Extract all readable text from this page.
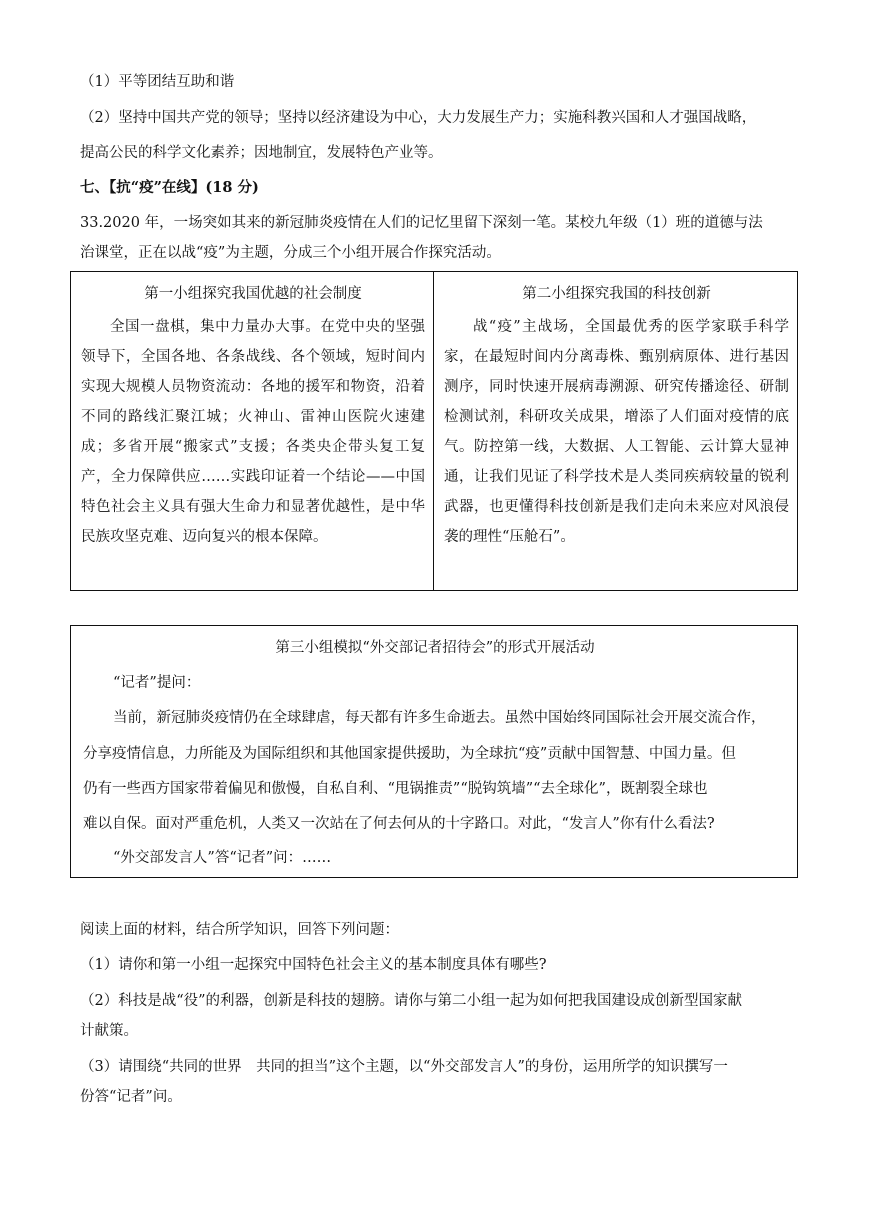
（1）平等团结互助和谐
（2）坚持中国共产党的领导；坚持以经济建设为中心，大力发展生产力；实施科教兴国和人才强国战略，
提高公民的科学文化素养；因地制宜，发展特色产业等。
七、【抗“疫”在线】(18 分)
33.2020 年，一场突如其来的新冠肺炎疫情在人们的记忆里留下深刻一笔。某校九年级（1）班的道德与法
治课堂，正在以战“疫”为主题，分成三个小组开展合作探究活动。
第一小组探究我国优越的社会制度
全国一盘棋，集中力量办大事。在党中央的坚强领导下，全国各地、各条战线、各个领域，短时间内实现大规模人员物资流动：各地的援军和物资，沿着不同的路线汇聚江城；火神山、雷神山医院火速建成；多省开展“搬家式”支援；各类央企带头复工复产，全力保障供应……实践印证着一个结论——中国特色社会主义具有强大生命力和显著优越性，是中华民族攻坚克难、迈向复兴的根本保障。
第二小组探究我国的科技创新
战“疫”主战场，全国最优秀的医学家联手科学家，在最短时间内分离毒株、甄别病原体、进行基因测序，同时快速开展病毒溯源、研究传播途径、研制检测试剂，科研攻关成果，增添了人们面对疫情的底气。防控第一线，大数据、人工智能、云计算大显神通，让我们见证了科学技术是人类同疾病较量的锐利武器，也更懂得科技创新是我们走向未来应对风浪侵袭的理性“压舱石”。
第三小组模拟“外交部记者招待会”的形式开展活动
“记者”提问：
当前，新冠肺炎疫情仍在全球肆虐，每天都有许多生命逝去。虽然中国始终同国际社会开展交流合作，
分享疫情信息，力所能及为国际组织和其他国家提供援助，为全球抗“疫”贡献中国智慧、中国力量。但
仍有一些西方国家带着偏见和傲慢，自私自利、“甩锅推责”“脱钩筑墙”“去全球化”，既割裂全球也
难以自保。面对严重危机，人类又一次站在了何去何从的十字路口。对此，“发言人”你有什么看法?
“外交部发言人”答“记者”问：……
阅读上面的材料，结合所学知识，回答下列问题：
（1）请你和第一小组一起探究中国特色社会主义的基本制度具体有哪些?
（2）科技是战“役”的利器，创新是科技的翅膀。请你与第二小组一起为如何把我国建设成创新型国家献
计献策。
（3）请围绕“共同的世界　共同的担当”这个主题，以“外交部发言人”的身份，运用所学的知识撰写一
份答“记者”问。
